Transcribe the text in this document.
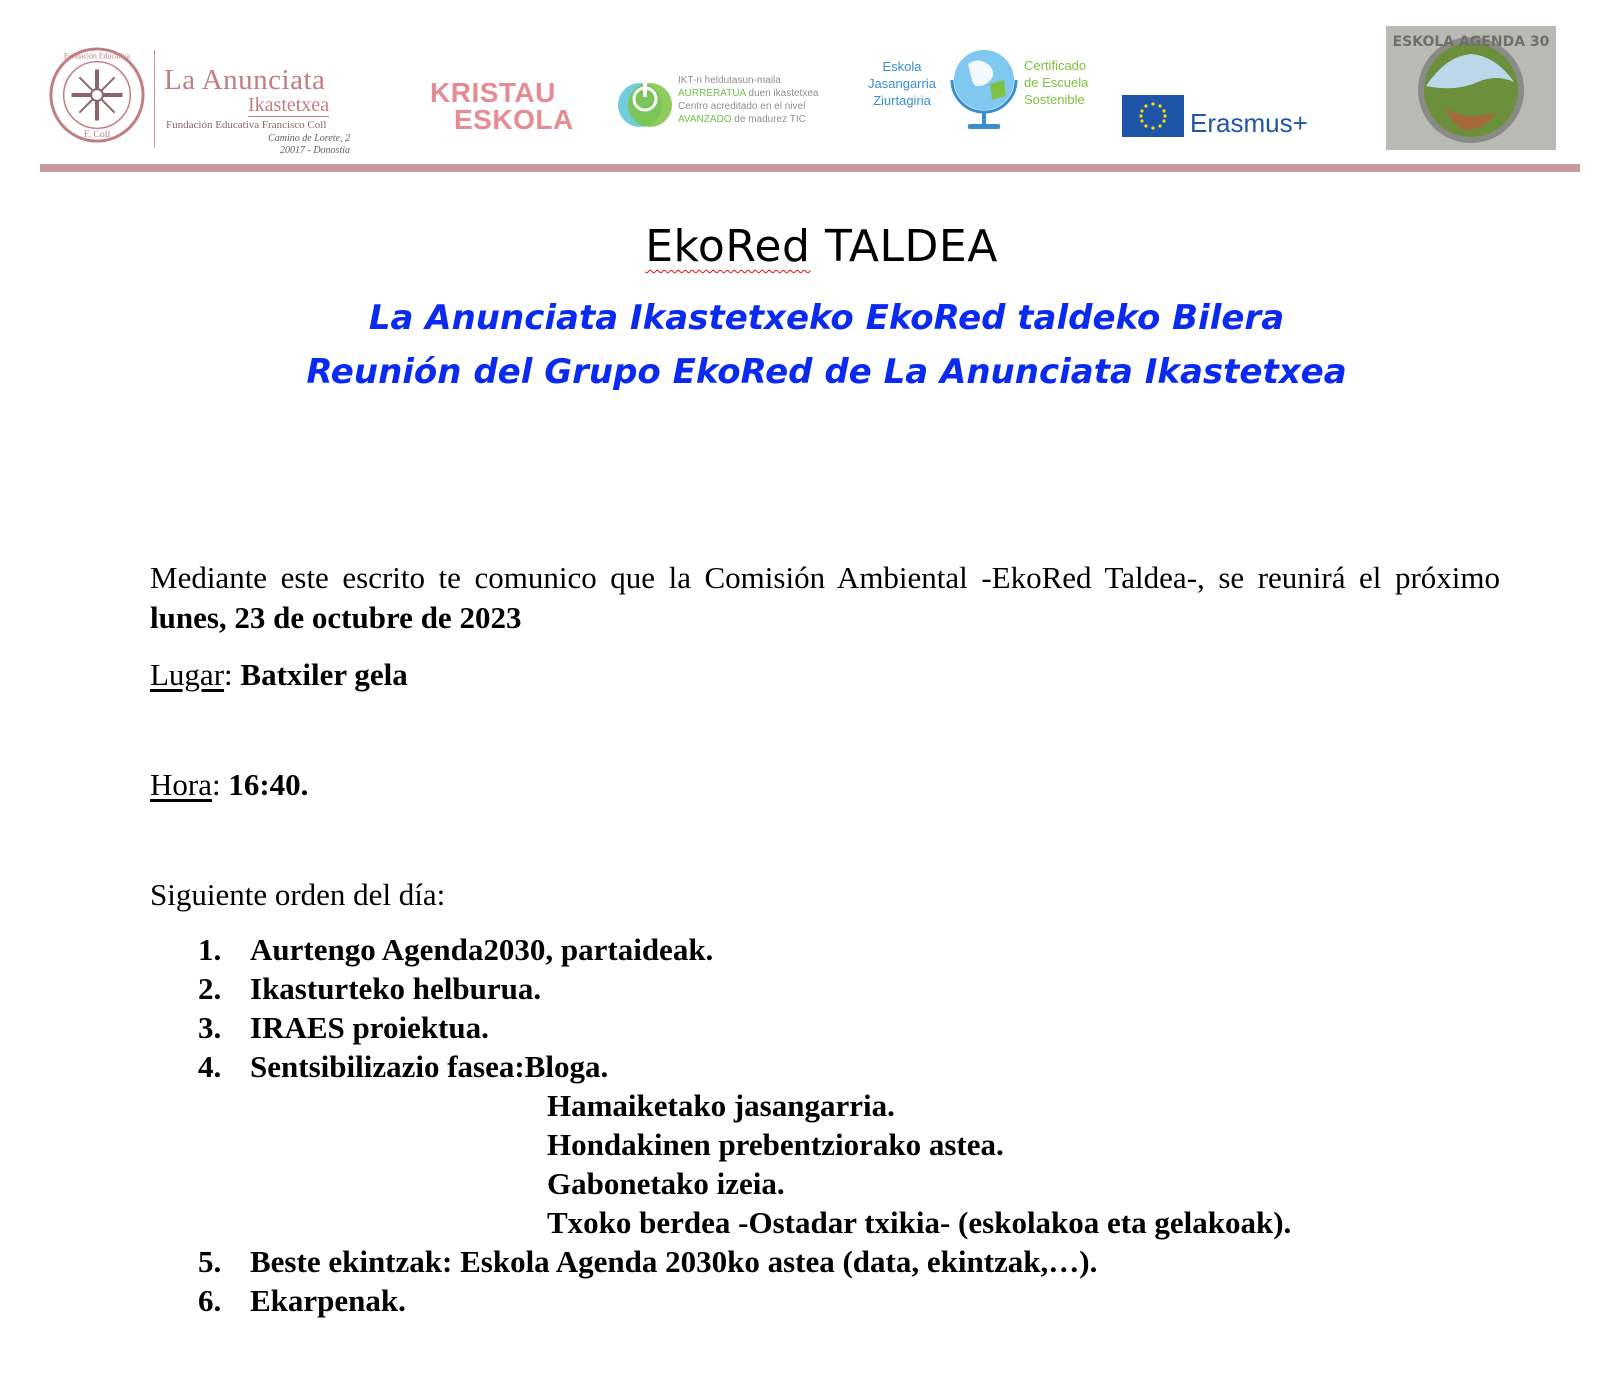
Fundación Educativa
F. Coll
La Anunciata
Ikastetxea
Fundación Educativa Francisco Coll
Camino de Lorete, 2
20017 - Donostia
KRISTAU
ESKOLA
IKT-n heldutasun-maila
AURRERATUA duen ikastetxea
Centro acreditado en el nivel
AVANZADO de madurez TIC
Eskola
Jasangarria
Ziurtagiria
Certificado
de Escuela
Sostenible
Erasmus+
ESKOLA AGENDA 30
EkoRed TALDEA
La Anunciata Ikastetxeko EkoRed taldeko Bilera
Reunión del Grupo EkoRed de La Anunciata Ikastetxea
Mediante este escrito te comunico que la Comisión Ambiental -EkoRed Taldea-, se reunirá el próximo lunes, 23 de octubre de 2023
Lugar: Batxiler gela
Hora: 16:40.
Siguiente orden del día:
1. Aurtengo Agenda2030, partaideak.
2. Ikasturteko helburua.
3. IRAES proiektua.
4. Sentsibilizazio fasea:Bloga.
Hamaiketako jasangarria.
Hondakinen prebentziorako astea.
Gabonetako izeia.
Txoko berdea -Ostadar txikia- (eskolakoa eta gelakoak).
5. Beste ekintzak: Eskola Agenda 2030ko astea (data, ekintzak,…).
6. Ekarpenak.
